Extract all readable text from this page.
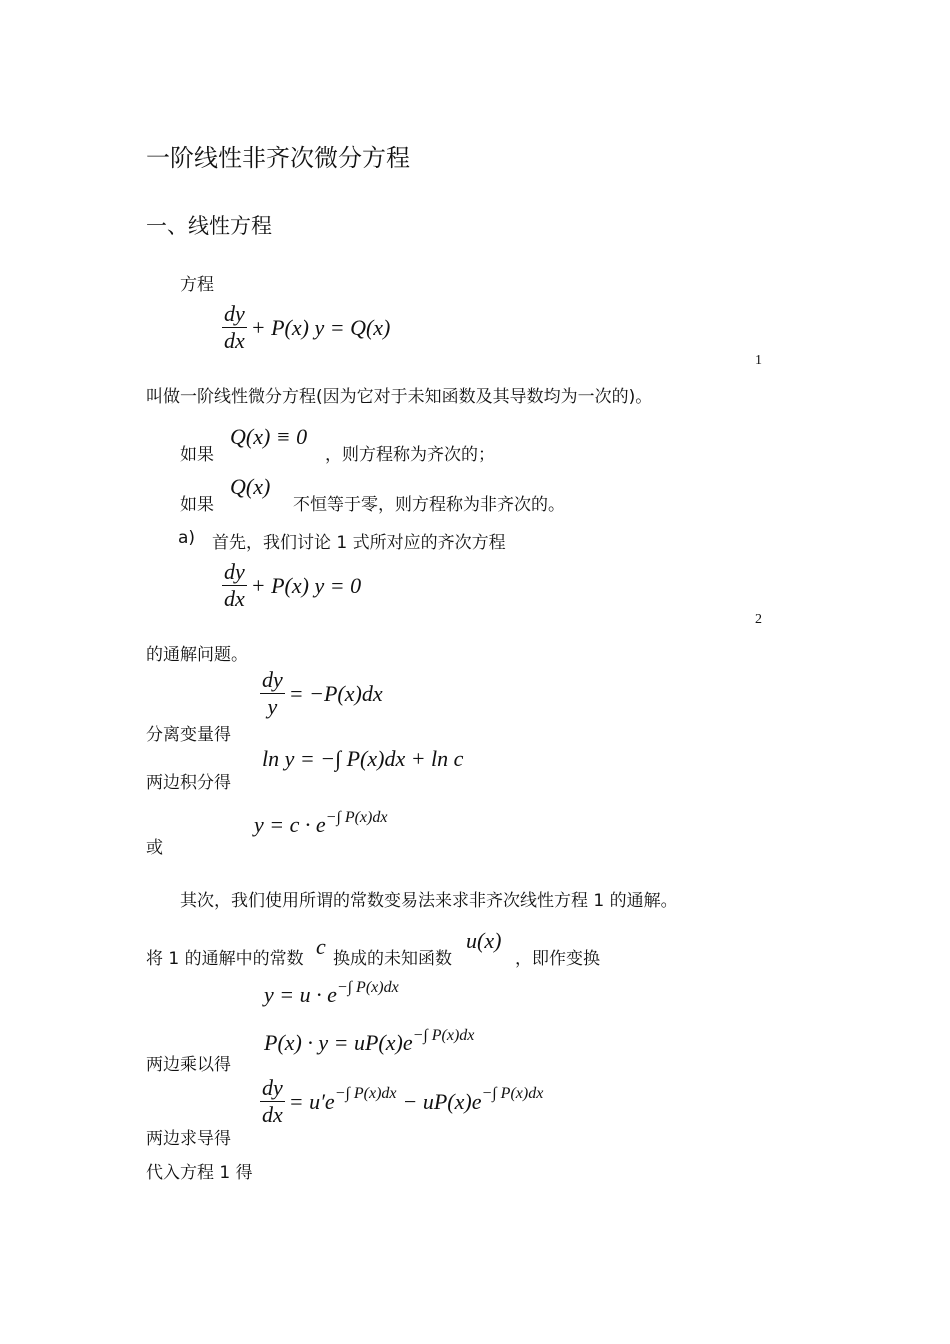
一阶线性非齐次微分方程
一、线性方程
方程
$\frac{dy}{dx} + P(x) y = Q(x)$
1
叫做一阶线性微分方程(因为它对于未知函数及其导数均为一次的)。
如果
Q(x) ≡ 0
，则方程称为齐次的；
如果
Q(x)
不恒等于零，则方程称为非齐次的。
a) 首先，我们讨论 1 式所对应的齐次方程
$\frac{dy}{dx} + P(x) y = 0$
2
的通解问题。
$\frac{dy}{y} = -P(x)dx$
分离变量得
ln y = −∫ P(x)dx + ln c
两边积分得
$y = c \cdot e^{-\int P(x)dx}$
或
其次，我们使用所谓的常数变易法来求非齐次线性方程 1 的通解。
将 1 的通解中的常数 c 换成的未知函数
u(x)
，即作变换
$y = u \cdot e^{-\int P(x)dx}$
$P(x) \cdot y = uP(x)e^{-\int P(x)dx}$
两边乘以得
$\frac{dy}{dx} = u'e^{-\int P(x)dx} - uP(x)e^{-\int P(x)dx}$
两边求导得
代入方程 1 得
